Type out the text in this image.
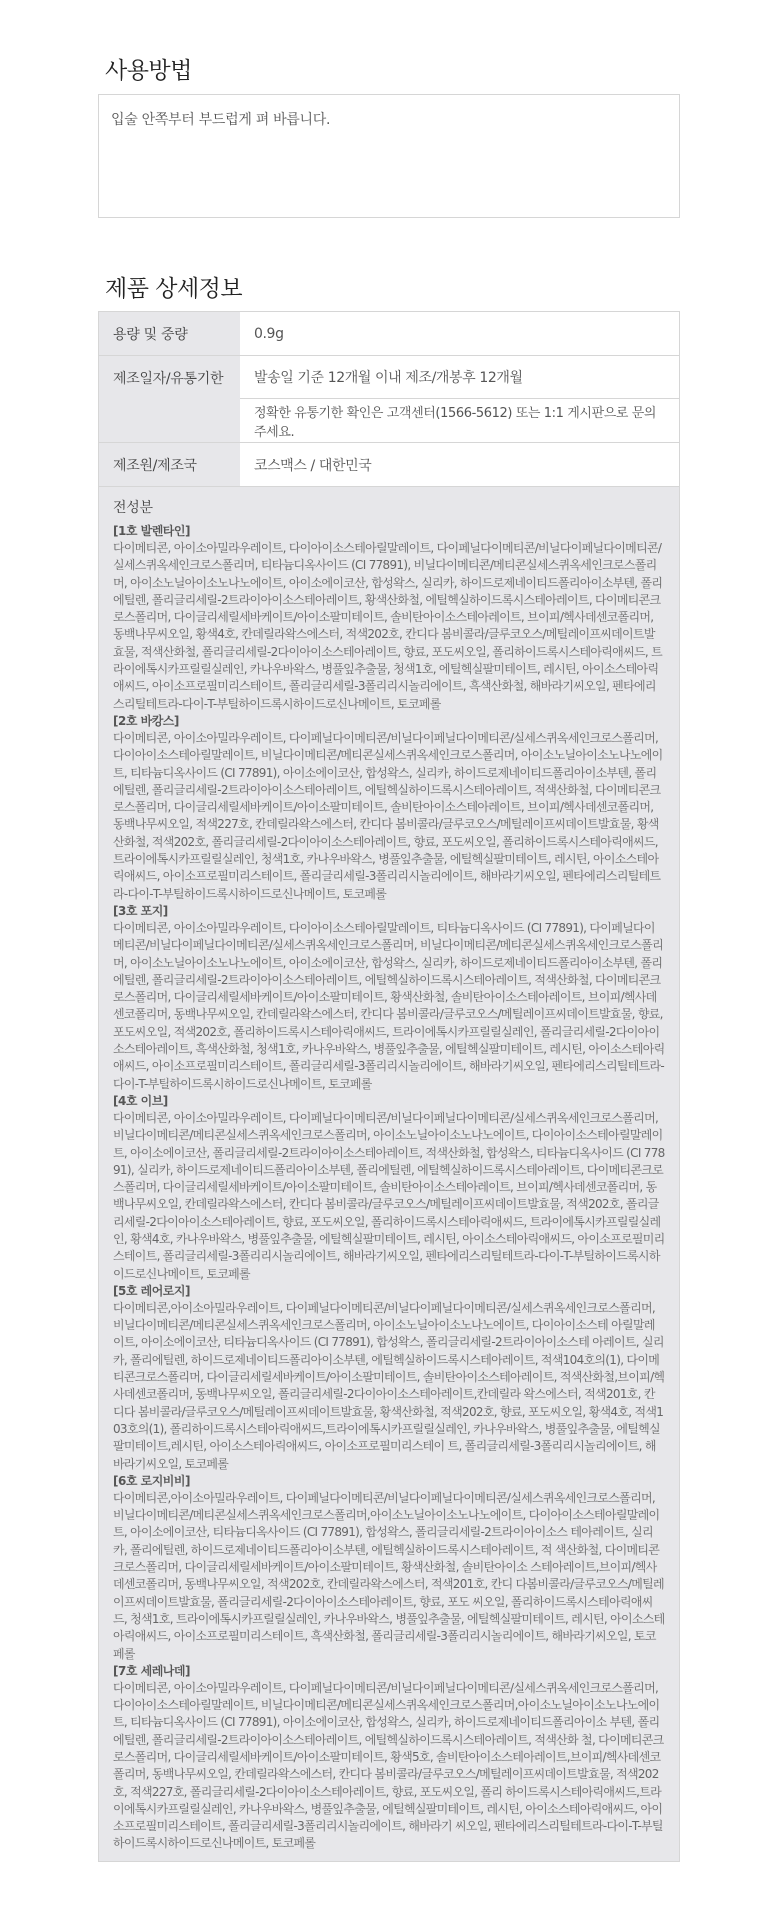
사용방법
입술 안쪽부터 부드럽게 펴 바릅니다.
제품 상세정보
용량 및 중량	0.9g
제조일자/유통기한	발송일 기준 12개월 이내 제조/개봉후 12개월
정확한 유통기한 확인은 고객센터(1566-5612) 또는 1:1 게시판으로 문의주세요.
제조원/제조국	코스맥스 / 대한민국
전성분
[1호 발렌타인]
다이메티콘, 아이소아밀라우레이트, 다이아이소스테아릴말레이트, 다이페닐다이메티콘/비닐다이페닐다이메티콘/실세스퀴옥세인크로스폴리머, 티타늄디옥사이드 (CI 77891), 비닐다이메티콘/메티콘실세스퀴옥세인크로스폴리머, 아이소노닐아이소노나노에이트, 아이소에이코산, 합성왁스, 실리카, 하이드로제네이티드폴리아이소부텐, 폴리에틸렌, 폴리글리세릴-2트라이아이소스테아레이트, 황색산화철, 에틸헥실하이드록시스테아레이트, 다이메티콘크로스폴리머, 다이글리세릴세바케이트/아이소팔미테이트, 솔비탄아이소스테아레이트, 브이피/헥사데센코폴리머, 동백나무씨오일, 황색4호, 칸데릴라왁스에스터, 적색202호, 칸디다 봄비콜라/글루코오스/메틸레이프씨데이트발효물, 적색산화철, 폴리글리세릴-2다이아이소스테아레이트, 향료, 포도씨오일, 폴리하이드록시스테아릭애씨드, 트라이에톡시카프릴릴실레인, 카나우바왁스, 병풀잎추출물, 청색1호, 에틸헥실팔미테이트, 레시틴, 아이소스테아릭애씨드, 아이소프로필미리스테이트, 폴리글리세릴-3폴리리시놀리에이트, 흑색산화철, 해바라기씨오일, 펜타에리스리틸테트라-다이-T-부틸하이드록시하이드로신나메이트, 토코페롤
[2호 바캉스]
다이메티콘, 아이소아밀라우레이트, 다이페닐다이메티콘/비닐다이페닐다이메티콘/실세스퀴옥세인크로스폴리머, 다이아이소스테아릴말레이트, 비닐다이메티콘/메티콘실세스퀴옥세인크로스폴리머, 아이소노닐아이소노나노에이트, 티타늄디옥사이드 (CI 77891), 아이소에이코산, 합성왁스, 실리카, 하이드로제네이티드폴리아이소부텐, 폴리에틸렌, 폴리글리세릴-2트라이아이소스테아레이트, 에틸헥실하이드록시스테아레이트, 적색산화철, 다이메티콘크로스폴리머, 다이글리세릴세바케이트/아이소팔미테이트, 솔비탄아이소스테아레이트, 브이피/헥사데센코폴리머, 동백나무씨오일, 적색227호, 칸데릴라왁스에스터, 칸디다 봄비콜라/글루코오스/메틸레이프씨데이트발효물, 황색산화철, 적색202호, 폴리글리세릴-2다이아이소스테아레이트, 향료, 포도씨오일, 폴리하이드록시스테아릭애씨드, 트라이에톡시카프릴릴실레인, 청색1호, 카나우바왁스, 병풀잎추출물, 에틸헥실팔미테이트, 레시틴, 아이소스테아릭애씨드, 아이소프로필미리스테이트, 폴리글리세릴-3폴리리시놀리에이트, 해바라기씨오일, 펜타에리스리틸테트라-다이-T-부틸하이드록시하이드로신나메이트, 토코페롤
[3호 포지]
다이메티콘, 아이소아밀라우레이트, 다이아이소스테아릴말레이트, 티타늄디옥사이드 (CI 77891), 다이페닐다이메티콘/비닐다이페닐다이메티콘/실세스퀴옥세인크로스폴리머, 비닐다이메티콘/메티콘실세스퀴옥세인크로스폴리머, 아이소노닐아이소노나노에이트, 아이소에이코산, 합성왁스, 실리카, 하이드로제네이티드폴리아이소부텐, 폴리에틸렌, 폴리글리세릴-2트라이아이소스테아레이트, 에틸헥실하이드록시스테아레이트, 적색산화철, 다이메티콘크로스폴리머, 다이글리세릴세바케이트/아이소팔미테이트, 황색산화철, 솔비탄아이소스테아레이트, 브이피/헥사데센코폴리머, 동백나무씨오일, 칸데릴라왁스에스터, 칸디다 봄비콜라/글루코오스/메틸레이프씨데이트발효물, 향료, 포도씨오일, 적색202호, 폴리하이드록시스테아릭애씨드, 트라이에톡시카프릴릴실레인, 폴리글리세릴-2다이아이소스테아레이트, 흑색산화철, 청색1호, 카나우바왁스, 병풀잎추출물, 에틸헥실팔미테이트, 레시틴, 아이소스테아릭애씨드, 아이소프로필미리스테이트, 폴리글리세릴-3폴리리시놀리에이트, 해바라기씨오일, 펜타에리스리틸테트라-다이-T-부틸하이드록시하이드로신나메이트, 토코페롤
[4호 이브]
다이메티콘, 아이소아밀라우레이트, 다이페닐다이메티콘/비닐다이페닐다이메티콘/실세스퀴옥세인크로스폴리머, 비닐다이메티콘/메티콘실세스퀴옥세인크로스폴리머, 아이소노닐아이소노나노에이트, 다이아이소스테아릴말레이트, 아이소에이코산, 폴리글리세릴-2트라이아이소스테아레이트, 적색산화철, 합성왁스, 티타늄디옥사이드 (CI 77891), 실리카, 하이드로제네이티드폴리아이소부텐, 폴리에틸렌, 에틸헥실하이드록시스테아레이트, 다이메티콘크로스폴리머, 다이글리세릴세바케이트/아이소팔미테이트, 솔비탄아이소스테아레이트, 브이피/헥사데센코폴리머, 동백나무씨오일, 칸데릴라왁스에스터, 칸디다 봄비콜라/글루코오스/메틸레이프씨데이트발효물, 적색202호, 폴리글리세릴-2다이아이소스테아레이트, 향료, 포도씨오일, 폴리하이드록시스테아릭애씨드, 트라이에톡시카프릴릴실레인, 황색4호, 카나우바왁스, 병풀잎추출물, 에틸헥실팔미테이트, 레시틴, 아이소스테아릭애씨드, 아이소프로필미리스테이트, 폴리글리세릴-3폴리리시놀리에이트, 해바라기씨오일, 펜타에리스리틸테트라-다이-T-부틸하이드록시하이드로신나메이트, 토코페롤
[5호 레어로지]
다이메티콘,아이소아밀라우레이트, 다이페닐다이메티콘/비닐다이페닐다이메티콘/실세스퀴옥세인크로스폴리머, 비닐다이메티콘/메티콘실세스퀴옥세인크로스폴리머, 아이소노닐아이소노나노에이트, 다이아이소스테 아릴말레이트, 아이소에이코산, 티타늄디옥사이드 (CI 77891), 합성왁스, 폴리글리세릴-2트라이아이소스테 아레이트, 실리카, 폴리에틸렌, 하이드로제네이티드폴리아이소부텐, 에틸헥실하이드록시스테아레이트, 적색104호의(1), 다이메티콘크로스폴리머, 다이글리세릴세바케이트/아이소팔미테이트, 솔비탄아이소스테아레이트, 적색산화철,브이피/헥사데센코폴리머, 동백나무씨오일, 폴리글리세릴-2다이아이소스테아레이트,칸데릴라 왁스에스터, 적색201호, 칸디다 봄비콜라/글루코오스/메틸레이프씨데이트발효물, 황색산화철, 적색202호, 향료, 포도씨오일, 황색4호, 적색103호의(1), 폴리하이드록시스테아릭애씨드,트라이에톡시카프릴릴실레인, 카나우바왁스, 병풀잎추출물, 에틸헥실팔미테이트,레시틴, 아이소스테아릭애씨드, 아이소프로필미리스테이 트, 폴리글리세릴-3폴리리시놀리에이트, 해바라기씨오일, 토코페롤
[6호 로지비비]
다이메티콘,아이소아밀라우레이트, 다이페닐다이메티콘/비닐다이페닐다이메티콘/실세스퀴옥세인크로스폴리머, 비닐다이메티콘/메티콘실세스퀴옥세인크로스폴리머,아이소노닐아이소노나노에이트, 다이아이소스테아릴말레이트, 아이소에이코산, 티타늄디옥사이드 (CI 77891), 합성왁스, 폴리글리세릴-2트라이아이소스 테아레이트, 실리카, 폴리에틸렌, 하이드로제네이티드폴리아이소부텐, 에틸헥실하이드록시스테아레이트, 적 색산화철, 다이메티콘크로스폴리머, 다이글리세릴세바케이트/아이소팔미테이트, 황색산화철, 솔비탄아이소 스테아레이트,브이피/헥사데센코폴리머, 동백나무씨오일, 적색202호, 칸데릴라왁스에스터, 적색201호, 칸디 다봄비콜라/글루코오스/메틸레이프씨데이트발효물, 폴리글리세릴-2다이아이소스테아레이트, 향료, 포도 씨오일, 폴리하이드록시스테아릭애씨드, 청색1호, 트라이에톡시카프릴릴실레인, 카나우바왁스, 병풀잎추출물, 에틸헥실팔미테이트, 레시틴, 아이소스테아릭애씨드, 아이소프로필미리스테이트, 흑색산화철, 폴리글리세릴-3폴리리시놀리에이트, 해바라기씨오일, 토코페롤
[7호 세레나데]
다이메티콘, 아이소아밀라우레이트, 다이페닐다이메티콘/비닐다이페닐다이메티콘/실세스퀴옥세인크로스폴리머, 다이아이소스테아릴말레이트, 비닐다이메티콘/메티콘실세스퀴옥세인크로스폴리머,아이소노닐아이소노나노에이트, 티타늄디옥사이드 (CI 77891), 아이소에이코산, 합성왁스, 실리카, 하이드로제네이티드폴리아이소 부텐, 폴리에틸렌, 폴리글리세릴-2트라이아이소스테아레이트, 에틸헥실하이드록시스테아레이트, 적색산화 철, 다이메티콘크로스폴리머, 다이글리세릴세바케이트/아이소팔미테이트, 황색5호, 솔비탄아이소스테아레이트,브이피/헥사데센코폴리머, 동백나무씨오일, 칸데릴라왁스에스터, 칸디다 봄비콜라/글루코오스/메틸레이프씨데이트발효물, 적색202호, 적색227호, 폴리글리세릴-2다이아이소스테아레이트, 향료, 포도씨오일, 폴리 하이드록시스테아릭애씨드,트라이에톡시카프릴릴실레인, 카나우바왁스, 병풀잎추출물, 에틸헥실팔미테이트, 레시틴, 아이소스테아릭애씨드, 아이소프로필미리스테이트, 폴리글리세릴-3폴리리시놀리에이트, 해바라기 씨오일, 펜타에리스리틸테트라-다이-T-부틸하이드록시하이드로신나메이트, 토코페롤
